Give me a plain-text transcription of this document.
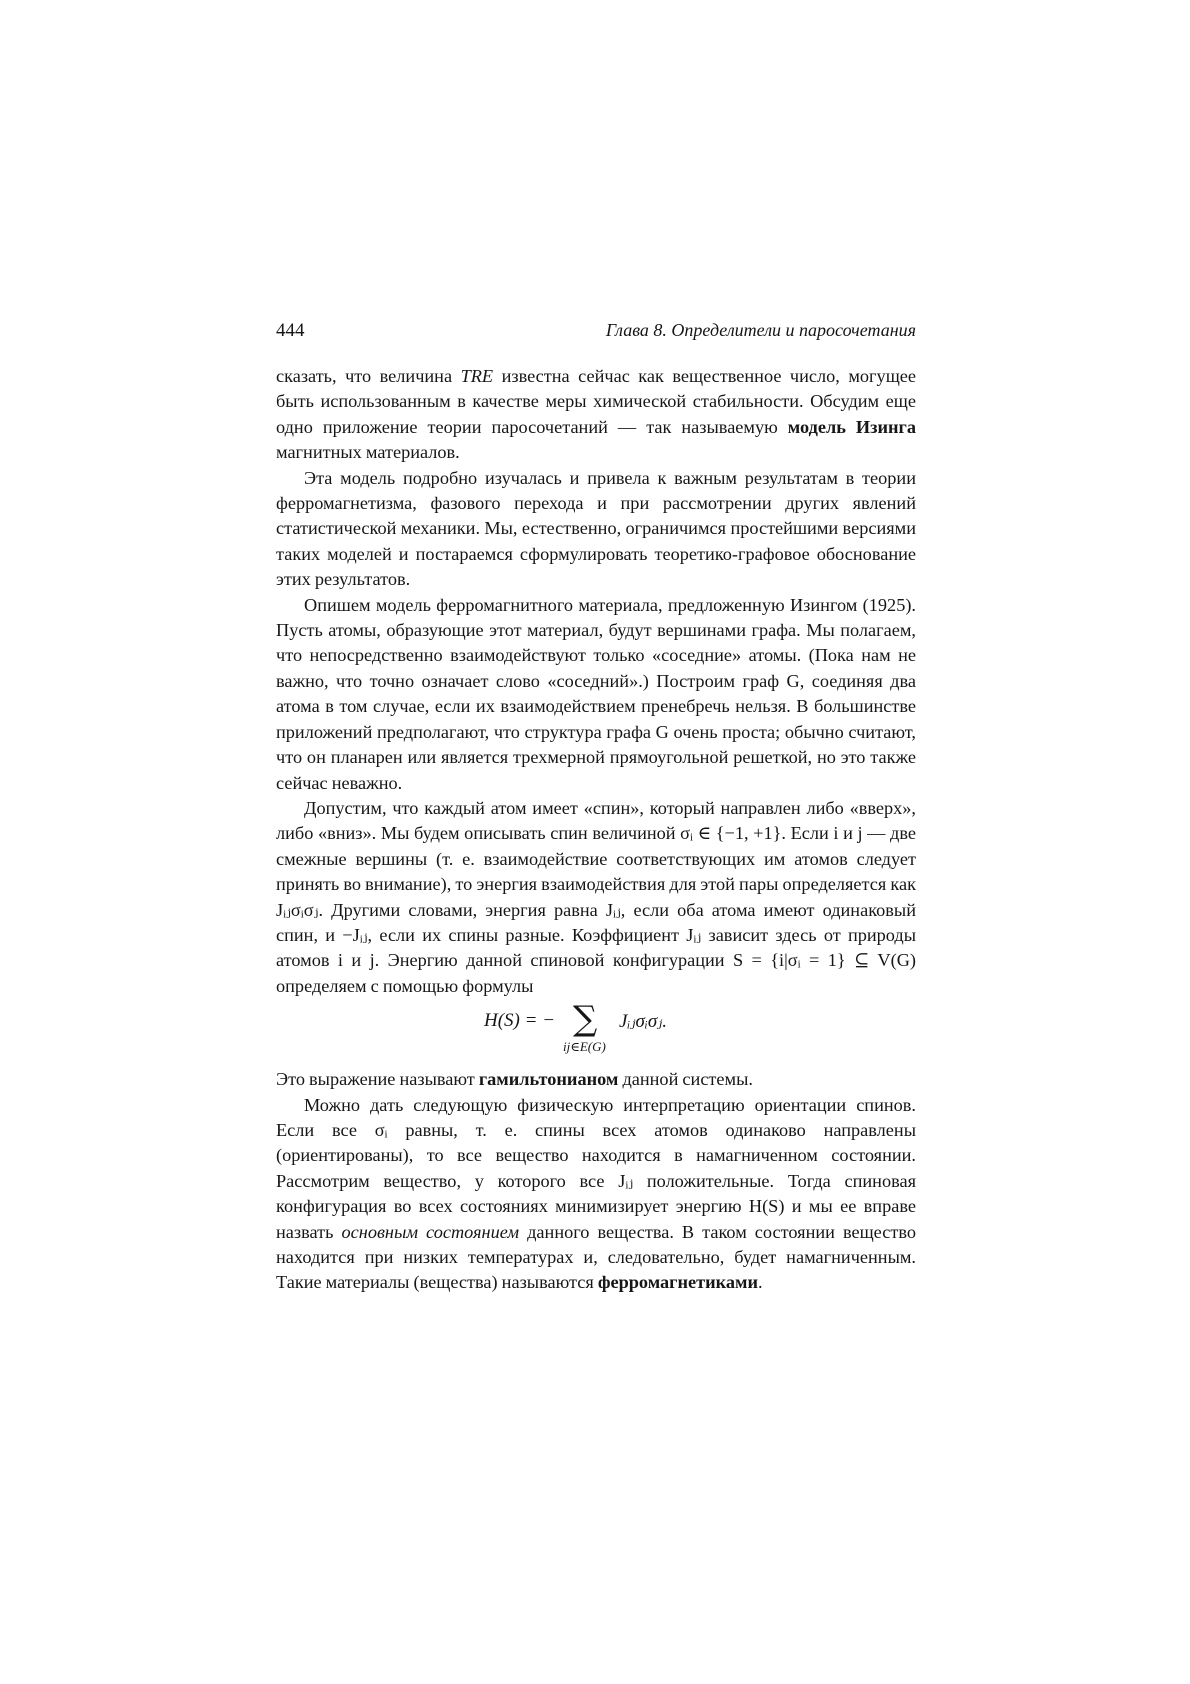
444	Глава 8. Определители и паросочетания

сказать, что величина TRE известна сейчас как вещественное число, могущее быть использованным в качестве меры химической стабильности. Обсудим еще одно приложение теории паросочетаний — так называемую модель Изинга магнитных материалов.

Эта модель подробно изучалась и привела к важным результатам в теории ферромагнетизма, фазового перехода и при рассмотрении других явлений статистической механики. Мы, естественно, ограничимся простейшими версиями таких моделей и постараемся сформулировать теоретико-графовое обоснование этих результатов.

Опишем модель ферромагнитного материала, предложенную Изингом (1925). Пусть атомы, образующие этот материал, будут вершинами графа. Мы полагаем, что непосредственно взаимодействуют только «соседние» атомы. (Пока нам не важно, что точно означает слово «соседний».) Построим граф G, соединяя два атома в том случае, если их взаимодействием пренебречь нельзя. В большинстве приложений предполагают, что структура графа G очень проста; обычно считают, что он планарен или является трехмерной прямоугольной решеткой, но это также сейчас неважно.

Допустим, что каждый атом имеет «спин», который направлен либо «вверх», либо «вниз». Мы будем описывать спин величиной σᵢ ∈ {−1, +1}. Если i и j — две смежные вершины (т. е. взаимодействие соответствующих им атомов следует принять во внимание), то энергия взаимодействия для этой пары определяется как Jᵢⱼσᵢσⱼ. Другими словами, энергия равна Jᵢⱼ, если оба атома имеют одинаковый спин, и −Jᵢⱼ, если их спины разные. Коэффициент Jᵢⱼ зависит здесь от природы атомов i и j. Энергию данной спиновой конфигурации S = {i|σᵢ = 1} ⊆ V(G) определяем с помощью формулы

H(S) = − ∑
ij∈E(G)
Jᵢⱼσᵢσⱼ.

Это выражение называют гамильтонианом данной системы.

Можно дать следующую физическую интерпретацию ориентации спинов. Если все σᵢ равны, т. е. спины всех атомов одинаково направлены (ориентированы), то все вещество находится в намагниченном состоянии. Рассмотрим вещество, у которого все Jᵢⱼ положительные. Тогда спиновая конфигурация во всех состояниях минимизирует энергию H(S) и мы ее вправе назвать основным состоянием данного вещества. В таком состоянии вещество находится при низких температурах и, следовательно, будет намагниченным. Такие материалы (вещества) называются ферромагнетиками.
